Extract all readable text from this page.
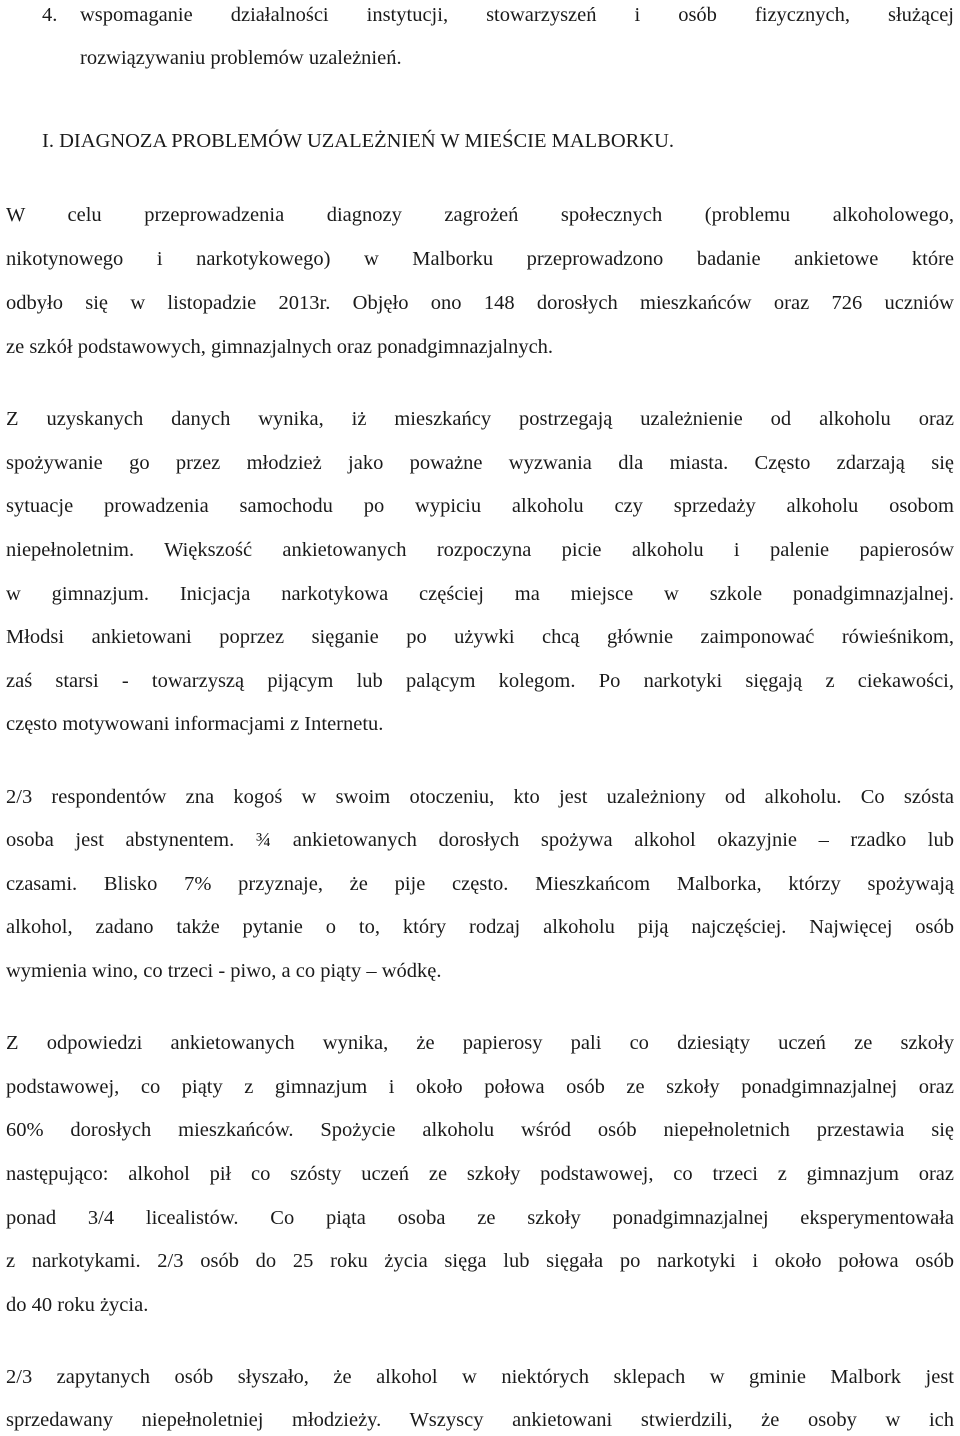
4. wspomaganie działalności instytucji, stowarzyszeń i osób fizycznych, służącej
rozwiązywaniu problemów uzależnień.
I. DIAGNOZA PROBLEMÓW UZALEŻNIEŃ W MIEŚCIE MALBORKU.
W celu przeprowadzenia diagnozy zagrożeń społecznych (problemu alkoholowego,
nikotynowego i narkotykowego) w Malborku przeprowadzono badanie ankietowe które
odbyło się w listopadzie 2013r. Objęło ono 148 dorosłych mieszkańców oraz 726 uczniów
ze szkół podstawowych, gimnazjalnych oraz ponadgimnazjalnych.
Z uzyskanych danych wynika, iż mieszkańcy postrzegają uzależnienie od alkoholu oraz
spożywanie go przez młodzież jako poważne wyzwania dla miasta. Często zdarzają się
sytuacje prowadzenia samochodu po wypiciu alkoholu czy sprzedaży alkoholu osobom
niepełnoletnim. Większość ankietowanych rozpoczyna picie alkoholu i palenie papierosów
w gimnazjum. Inicjacja narkotykowa częściej ma miejsce w szkole ponadgimnazjalnej.
Młodsi ankietowani poprzez sięganie po używki chcą głównie zaimponować rówieśnikom,
zaś starsi - towarzyszą pijącym lub palącym kolegom. Po narkotyki sięgają z ciekawości,
często motywowani informacjami z Internetu.
2/3 respondentów zna kogoś w swoim otoczeniu, kto jest uzależniony od alkoholu. Co szósta
osoba jest abstynentem. ¾ ankietowanych dorosłych spożywa alkohol okazyjnie – rzadko lub
czasami. Blisko 7% przyznaje, że pije często. Mieszkańcom Malborka, którzy spożywają
alkohol, zadano także pytanie o to, który rodzaj alkoholu piją najczęściej. Najwięcej osób
wymienia wino, co trzeci - piwo, a co piąty – wódkę.
Z odpowiedzi ankietowanych wynika, że papierosy pali co dziesiąty uczeń ze szkoły
podstawowej, co piąty z gimnazjum i około połowa osób ze szkoły ponadgimnazjalnej oraz
60% dorosłych mieszkańców. Spożycie alkoholu wśród osób niepełnoletnich przestawia się
następująco: alkohol pił co szósty uczeń ze szkoły podstawowej, co trzeci z gimnazjum oraz
ponad 3/4 licealistów. Co piąta osoba ze szkoły ponadgimnazjalnej eksperymentowała
z narkotykami. 2/3 osób do 25 roku życia sięga lub sięgała po narkotyki i około połowa osób
do 40 roku życia.
2/3 zapytanych osób słyszało, że alkohol w niektórych sklepach w gminie Malbork jest
sprzedawany niepełnoletniej młodzieży. Wszyscy ankietowani stwierdzili, że osoby w ich
